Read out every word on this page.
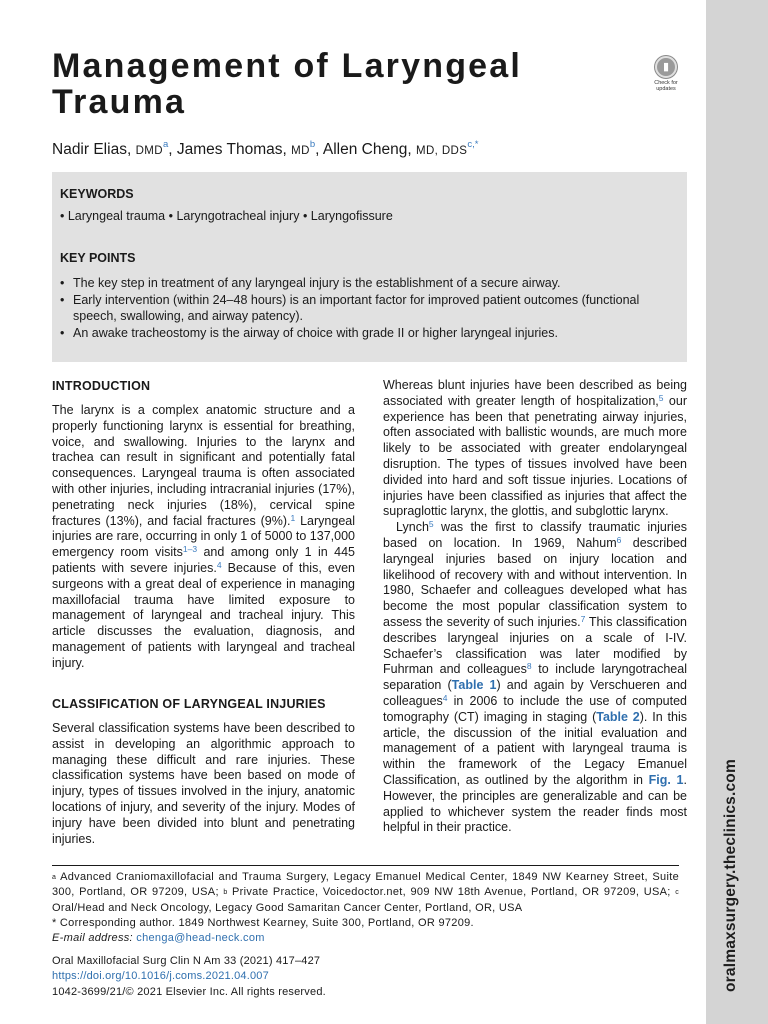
oralmaxsurgery.theclinics.com
Management of Laryngeal
Trauma
▮
Check for updates
Nadir Elias, DMD$^a$, James Thomas, $MD^b$, Allen Cheng, MD, $DDS^{c,*}$
KEYWORDS
• Laryngeal trauma • Laryngotracheal injury • Laryngofissure
KEY POINTS
• The key step in treatment of any laryngeal injury is the establishment of a secure airway.
• Early intervention (within 24–48 hours) is an important factor for improved patient outcomes (functional speech, swallowing, and airway patency).
• An awake tracheostomy is the airway of choice with grade II or higher laryngeal injuries.
INTRODUCTION

The larynx is a complex anatomic structure and a properly functioning larynx is essential for breathing, voice, and swallowing. Injuries to the larynx and trachea can result in significant and potentially fatal consequences. Laryngeal trauma is often associated with other injuries, including intracranial injuries (17%), penetrating neck injuries (18%), cervical spine fractures (13%), and facial fractures (9%).$^1$ Laryngeal injuries are rare, occurring in only 1 of 5000 to 137,000 emergency room visits$^{1-3}$ and among only 1 in 445 patients with severe injuries.$^4$ Because of this, even surgeons with a great deal of experience in managing maxillofacial trauma have limited exposure to management of laryngeal and tracheal injury. This article discusses the evaluation, diagnosis, and management of patients with laryngeal and tracheal injury.

CLASSIFICATION OF LARYNGEAL INJURIES

Several classification systems have been described to assist in developing an algorithmic approach to managing these difficult and rare injuries. These classification systems have been based on mode of injury, types of tissues involved in the injury, anatomic locations of injury, and severity of the injury. Modes of injury have been divided into blunt and penetrating injuries.

Whereas blunt injuries have been described as being associated with greater length of hospitalization,$^5$ our experience has been that penetrating airway injuries, often associated with ballistic wounds, are much more likely to be associated with greater endolaryngeal disruption. The types of tissues involved have been divided into hard and soft tissue injuries. Locations of injuries have been classified as injuries that affect the supraglottic larynx, the glottis, and subglottic larynx.

Lynch$^5$ was the first to classify traumatic injuries based on location. In 1969, Nahum$^6$ described laryngeal injuries based on injury location and likelihood of recovery with and without intervention. In 1980, Schaefer and colleagues developed what has become the most popular classification system to assess the severity of such injuries.$^7$ This classification describes laryngeal injuries on a scale of I-IV. Schaefer’s classification was later modified by Fuhrman and colleagues$^8$ to include laryngotracheal separation (Table 1) and again by Verschueren and colleagues$^4$ in 2006 to include the use of computed tomography (CT) imaging in staging (Table 2). In this article, the discussion of the initial evaluation and management of a patient with laryngeal trauma is within the framework of the Legacy Emanuel Classification, as outlined by the algorithm in Fig. 1. However, the principles are generalizable and can be applied to whichever system the reader finds most helpful in their practice.

$^a$ Advanced Craniomaxillofacial and Trauma Surgery, Legacy Emanuel Medical Center, 1849 NW Kearney Street, Suite 300, Portland, OR 97209, USA; $^b$ Private Practice, Voicedoctor.net, 909 NW 18th Avenue, Portland, OR 97209, USA; $^c$ Oral/Head and Neck Oncology, Legacy Good Samaritan Cancer Center, Portland, OR, USA

* Corresponding author. 1849 Northwest Kearney, Suite 300, Portland, OR 97209.

E-mail address: chenga@head-neck.com

Oral Maxillofacial Surg Clin N Am 33 (2021) 417–427
https://doi.org/10.1016/j.coms.2021.04.007
1042-3699/21/© 2021 Elsevier Inc. All rights reserved.
